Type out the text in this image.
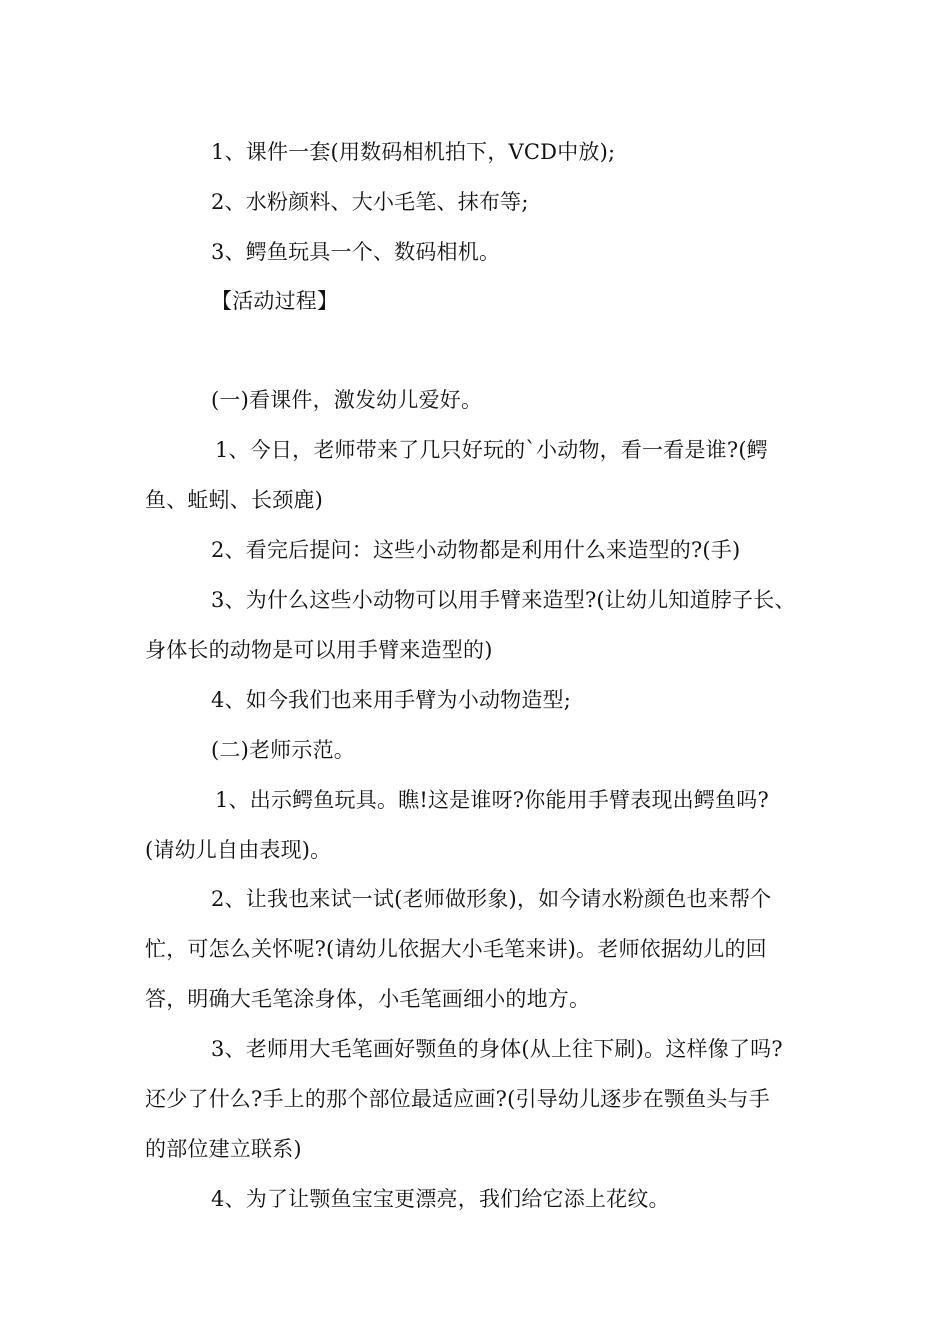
1、课件一套(用数码相机拍下，VCD中放);
2、水粉颜料、大小毛笔、抹布等;
3、鳄鱼玩具一个、数码相机。
【活动过程】
(一)看课件，激发幼儿爱好。
1、今日，老师带来了几只好玩的`小动物，看一看是谁?(鳄
鱼、蚯蚓、长颈鹿)
2、看完后提问：这些小动物都是利用什么来造型的?(手)
3、为什么这些小动物可以用手臂来造型?(让幼儿知道脖子长、
身体长的动物是可以用手臂来造型的)
4、如今我们也来用手臂为小动物造型;
(二)老师示范。
1、出示鳄鱼玩具。瞧!这是谁呀?你能用手臂表现出鳄鱼吗?
(请幼儿自由表现)。
2、让我也来试一试(老师做形象)，如今请水粉颜色也来帮个
忙，可怎么关怀呢?(请幼儿依据大小毛笔来讲)。老师依据幼儿的回
答，明确大毛笔涂身体，小毛笔画细小的地方。
3、老师用大毛笔画好颚鱼的身体(从上往下刷)。这样像了吗?
还少了什么?手上的那个部位最适应画?(引导幼儿逐步在颚鱼头与手
的部位建立联系)
4、为了让颚鱼宝宝更漂亮，我们给它添上花纹。
